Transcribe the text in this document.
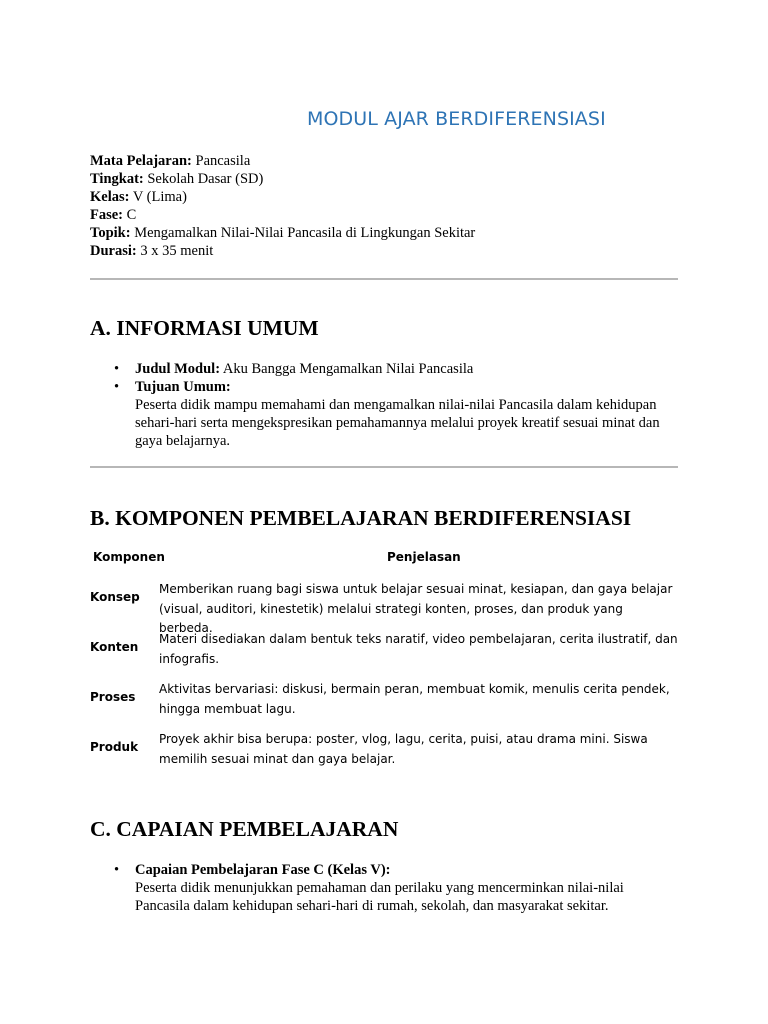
MODUL AJAR BERDIFERENSIASI
Mata Pelajaran: Pancasila
Tingkat: Sekolah Dasar (SD)
Kelas: V (Lima)
Fase: C
Topik: Mengamalkan Nilai-Nilai Pancasila di Lingkungan Sekitar
Durasi: 3 x 35 menit
A. INFORMASI UMUM
• Judul Modul: Aku Bangga Mengamalkan Nilai Pancasila
• Tujuan Umum:
Peserta didik mampu memahami dan mengamalkan nilai-nilai Pancasila dalam kehidupan sehari-hari serta mengekspresikan pemahamannya melalui proyek kreatif sesuai minat dan gaya belajarnya.
B. KOMPONEN PEMBELAJARAN BERDIFERENSIASI
Komponen	Penjelasan
Konsep
Memberikan ruang bagi siswa untuk belajar sesuai minat, kesiapan, dan gaya belajar (visual, auditori, kinestetik) melalui strategi konten, proses, dan produk yang berbeda.
Konten
Materi disediakan dalam bentuk teks naratif, video pembelajaran, cerita ilustratif, dan infografis.
Proses
Aktivitas bervariasi: diskusi, bermain peran, membuat komik, menulis cerita pendek, hingga membuat lagu.
Produk
Proyek akhir bisa berupa: poster, vlog, lagu, cerita, puisi, atau drama mini. Siswa memilih sesuai minat dan gaya belajar.
C. CAPAIAN PEMBELAJARAN
• Capaian Pembelajaran Fase C (Kelas V):
Peserta didik menunjukkan pemahaman dan perilaku yang mencerminkan nilai-nilai Pancasila dalam kehidupan sehari-hari di rumah, sekolah, dan masyarakat sekitar.
